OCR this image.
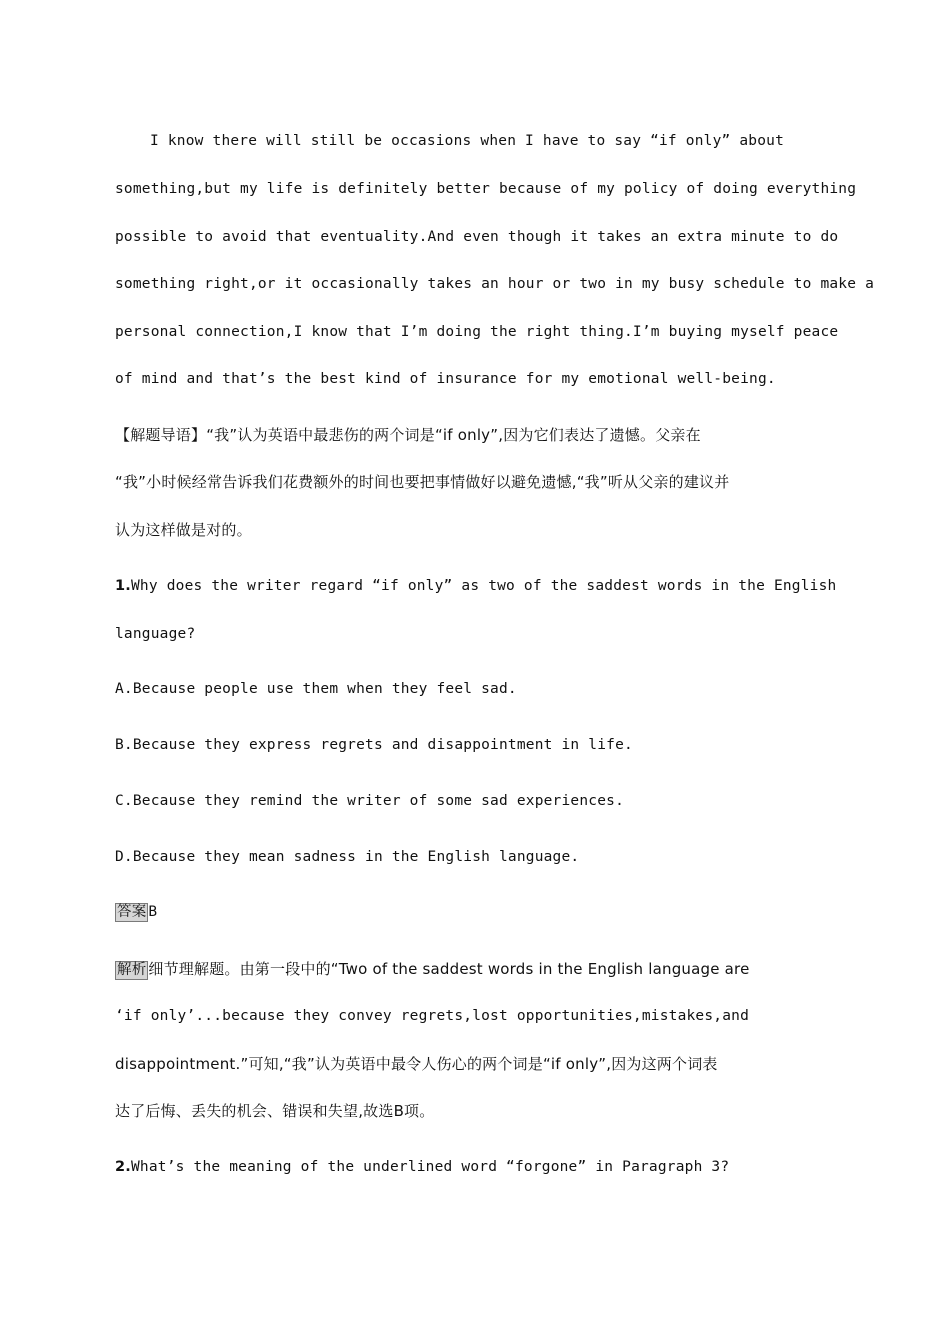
I know there will still be occasions when I have to say “if only” about
something,but my life is definitely better because of my policy of doing everything
possible to avoid that eventuality.And even though it takes an extra minute to do
something right,or it occasionally takes an hour or two in my busy schedule to make a
personal connection,I know that I’m doing the right thing.I’m buying myself peace
of mind and that’s the best kind of insurance for my emotional well-being.
【解题导语】“我”认为英语中最悲伤的两个词是“if only”,因为它们表达了遗憾。父亲在
“我”小时候经常告诉我们花费额外的时间也要把事情做好以避免遗憾,“我”听从父亲的建议并
认为这样做是对的。
1.Why does the writer regard “if only” as two of the saddest words in the English
language?
A.Because people use them when they feel sad.
B.Because they express regrets and disappointment in life.
C.Because they remind the writer of some sad experiences.
D.Because they mean sadness in the English language.
答案 B
解析 细节理解题。由第一段中的“Two of the saddest words in the English language are
‘if only’...because they convey regrets,lost opportunities,mistakes,and
disappointment.”可知,“我”认为英语中最令人伤心的两个词是“if only”,因为这两个词表
达了后悔、丢失的机会、错误和失望,故选B项。
2.What’s the meaning of the underlined word “forgone” in Paragraph 3?
